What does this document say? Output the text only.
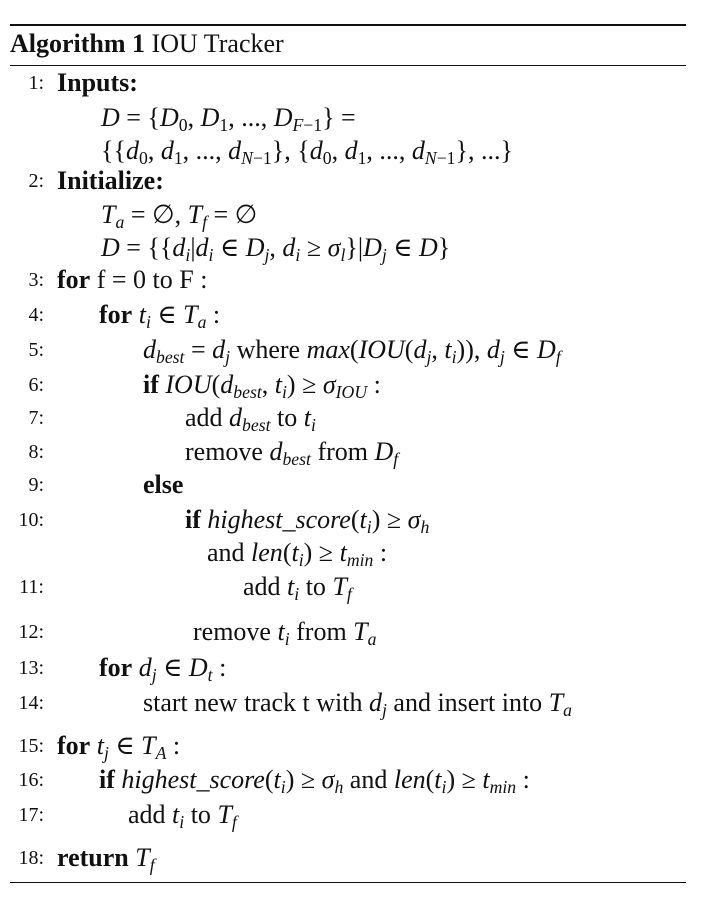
Algorithm 1 IOU Tracker
1: Inputs:
$D = \{D_0$, $D_1$, ..., $D_{F-1}$} =
{{$d_0$, $d_1$, ..., $d_{N-1}$}, {$d_0$, $d_1$, ..., $d_{N-1}$}, ...}
2: Initialize:
$T_a$ = ∅, $T_f$ = ∅
$D = \{\{d_i|d_i$ ∈ $D_j$, $d_i \ge \sigma_l\}|D_j$ ∈ D}
3: for f = 0 to F :
4: for $t_i$ ∈ $T_a$ :
5:	$d_{best} = d_j$ where $\max(IOU(d_j$, $t_i$)), $d_j$ ∈ $D_f$
6:	if $IOU(d_{best}$, $t_i) \ge \sigma_{IOU}$ :
7:	add $d_{best}$ to $t_i$
8:	remove $d_{best}$ from $D_f$
9:	else
10:	if $highest\_score(t_i) \ge \sigma_h$
and $len(t_i) \ge t_{min}$ :
11:	add $t_i$ to $T_f$
12:	remove $t_i$ from $T_a$
13: for $d_j$ ∈ $D_t$ :
14:	start new track t with $d_j$ and insert into $T_a$
15: for $t_j$ ∈ $T_A$ :
16: if $highest\_score(t_i) \ge \sigma_h$ and $len(t_i) \ge t_{min}$ :
17:	add $t_i$ to $T_f$
18: return $T_f$
